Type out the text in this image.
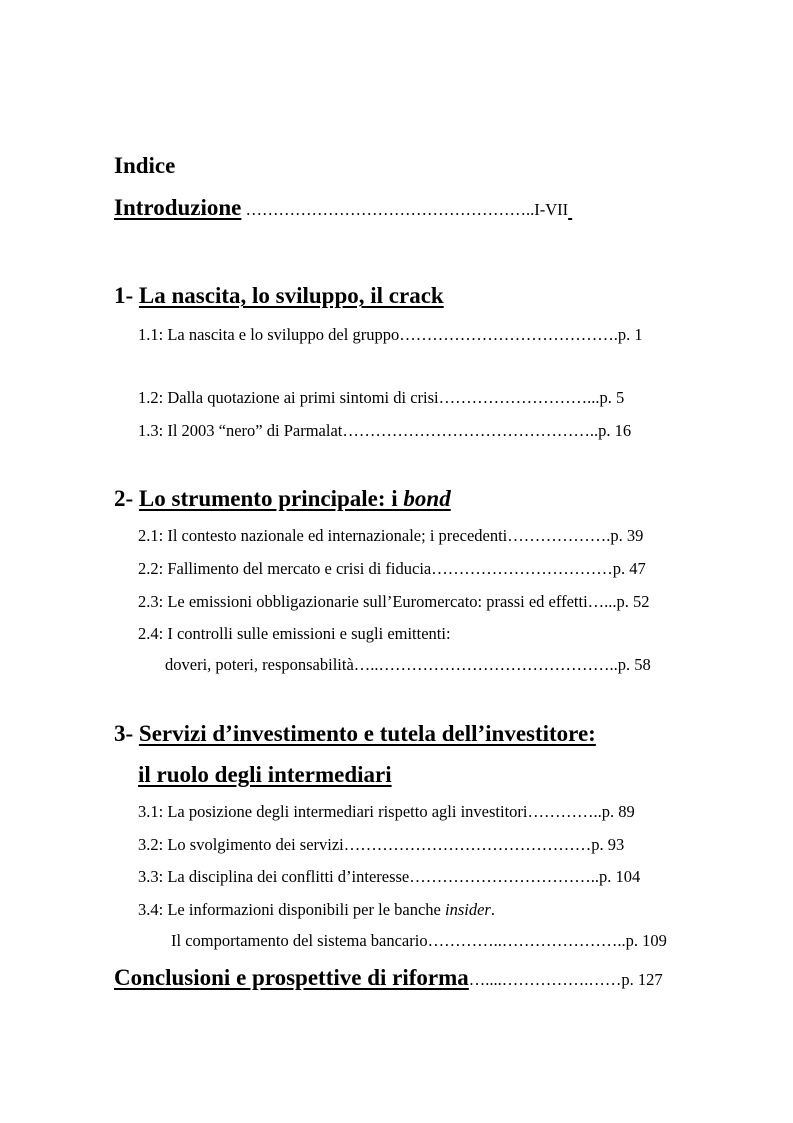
Indice
Introduzione ……………………………………………..I-VII
1- La nascita, lo sviluppo, il crack
1.1: La nascita e lo sviluppo del gruppo………………………………….p. 1
1.2: Dalla quotazione ai primi sintomi di crisi………………………...p. 5
1.3: Il 2003 “nero” di Parmalat………………………………………..p. 16
2- Lo strumento principale: i bond
2.1: Il contesto nazionale ed internazionale; i precedenti……………….p. 39
2.2: Fallimento del mercato e crisi di fiducia……………………………p. 47
2.3: Le emissioni obbligazionarie sull’Euromercato: prassi ed effetti…...p. 52
2.4: I controlli sulle emissioni e sugli emittenti:
doveri, poteri, responsabilità…..……………………………………..p. 58
3- Servizi d’investimento e tutela dell’investitore:
il ruolo degli intermediari
3.1: La posizione degli intermediari rispetto agli investitori…………..p. 89
3.2: Lo svolgimento dei servizi………………………………………p. 93
3.3: La disciplina dei conflitti d’interesse……………………………..p. 104
3.4: Le informazioni disponibili per le banche insider.
Il comportamento del sistema bancario…………..…………………..p. 109
Conclusioni e prospettive di riforma…....…………….……p. 127
